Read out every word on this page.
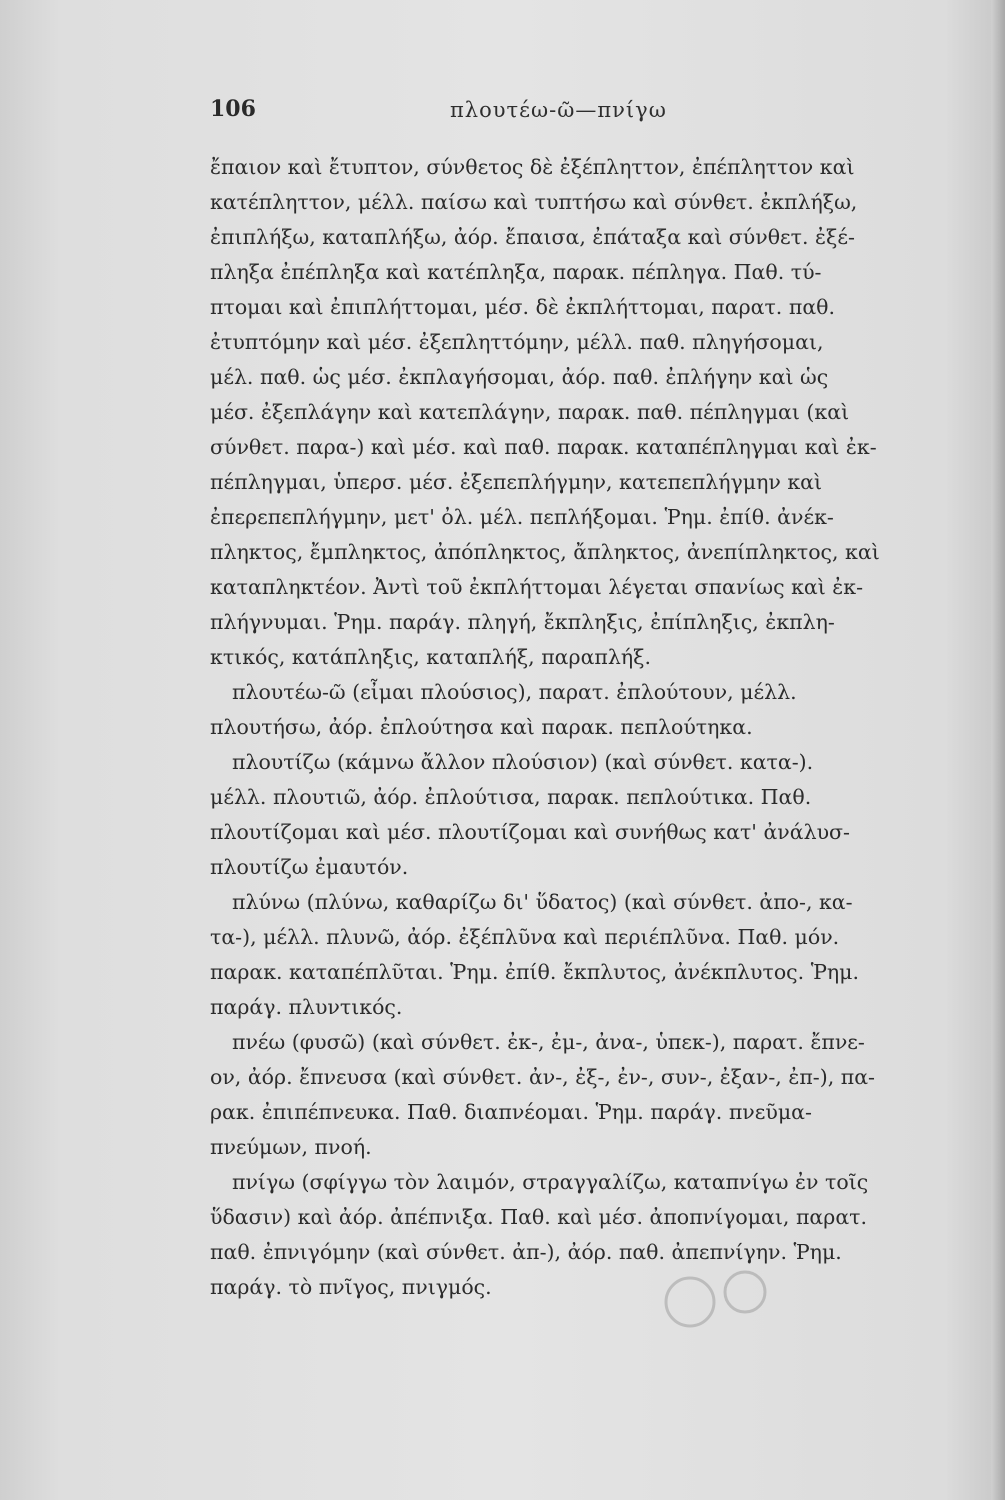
106	πλουτέω-ῶ—πνίγω
ἔπαιον καὶ ἔτυπτον, σύνθετος δὲ ἐξέπληττον, ἐπέπληττον καὶ
κατέπληττον, μέλλ. παίσω καὶ τυπτήσω καὶ σύνθετ. ἐκπλήξω,
ἐπιπλήξω, καταπλήξω, ἀόρ. ἔπαισα, ἐπάταξα καὶ σύνθετ. ἐξέ-
πληξα ἐπέπληξα καὶ κατέπληξα, παρακ. πέπληγα. Παθ. τύ-
πτομαι καὶ ἐπιπλήττομαι, μέσ. δὲ ἐκπλήττομαι, παρατ. παθ.
ἐτυπτόμην καὶ μέσ. ἐξεπληττόμην, μέλλ. παθ. πληγήσομαι,
μέλ. παθ. ὡς μέσ. ἐκπλαγήσομαι, ἀόρ. παθ. ἐπλήγην καὶ ὡς
μέσ. ἐξεπλάγην καὶ κατεπλάγην, παρακ. παθ. πέπληγμαι (καὶ
σύνθετ. παρα-) καὶ μέσ. καὶ παθ. παρακ. καταπέπληγμαι καὶ ἐκ-
πέπληγμαι, ὑπερσ. μέσ. ἐξεπεπλήγμην, κατεπεπλήγμην καὶ
ἐπερεπεπλήγμην, μετ' ὀλ. μέλ. πεπλήξομαι. Ῥημ. ἐπίθ. ἀνέκ-
πληκτος, ἔμπληκτος, ἀπόπληκτος, ἄπληκτος, ἀνεπίπληκτος, καὶ
καταπληκτέον. Ἀντὶ τοῦ ἐκπλήττομαι λέγεται σπανίως καὶ ἐκ-
πλήγνυμαι. Ῥημ. παράγ. πληγή, ἔκπληξις, ἐπίπληξις, ἐκπλη-
κτικός, κατάπληξις, καταπλήξ, παραπλήξ.
πλουτέω-ῶ (εἶμαι πλούσιος), παρατ. ἐπλούτουν, μέλλ.
πλουτήσω, ἀόρ. ἐπλούτησα καὶ παρακ. πεπλούτηκα.
πλουτίζω (κάμνω ἄλλον πλούσιον) (καὶ σύνθετ. κατα-).
μέλλ. πλουτιῶ, ἀόρ. ἐπλούτισα, παρακ. πεπλούτικα. Παθ.
πλουτίζομαι καὶ μέσ. πλουτίζομαι καὶ συνήθως κατ' ἀνάλυσ-
πλουτίζω ἐμαυτόν.
πλύνω (πλύνω, καθαρίζω δι' ὕδατος) (καὶ σύνθετ. ἀπο-, κα-
τα-), μέλλ. πλυνῶ, ἀόρ. ἐξέπλῦνα καὶ περιέπλῦνα. Παθ. μόν.
παρακ. καταπέπλῦται. Ῥημ. ἐπίθ. ἔκπλυτος, ἀνέκπλυτος. Ῥημ.
παράγ. πλυντικός.
πνέω (φυσῶ) (καὶ σύνθετ. ἐκ-, ἐμ-, ἀνα-, ὑπεκ-), παρατ. ἔπνε-
ον, ἀόρ. ἔπνευσα (καὶ σύνθετ. ἀν-, ἐξ-, ἐν-, συν-, ἐξαν-, ἐπ-), πα-
ρακ. ἐπιπέπνευκα. Παθ. διαπνέομαι. Ῥημ. παράγ. πνεῦμα-
πνεύμων, πνοή.
πνίγω (σφίγγω τὸν λαιμόν, στραγγαλίζω, καταπνίγω ἐν τοῖς
ὕδασιν) καὶ ἀόρ. ἀπέπνιξα. Παθ. καὶ μέσ. ἀποπνίγομαι, παρατ.
παθ. ἐπνιγόμην (καὶ σύνθετ. ἀπ-), ἀόρ. παθ. ἀπεπνίγην. Ῥημ.
παράγ. τὸ πνῖγος, πνιγμός.
